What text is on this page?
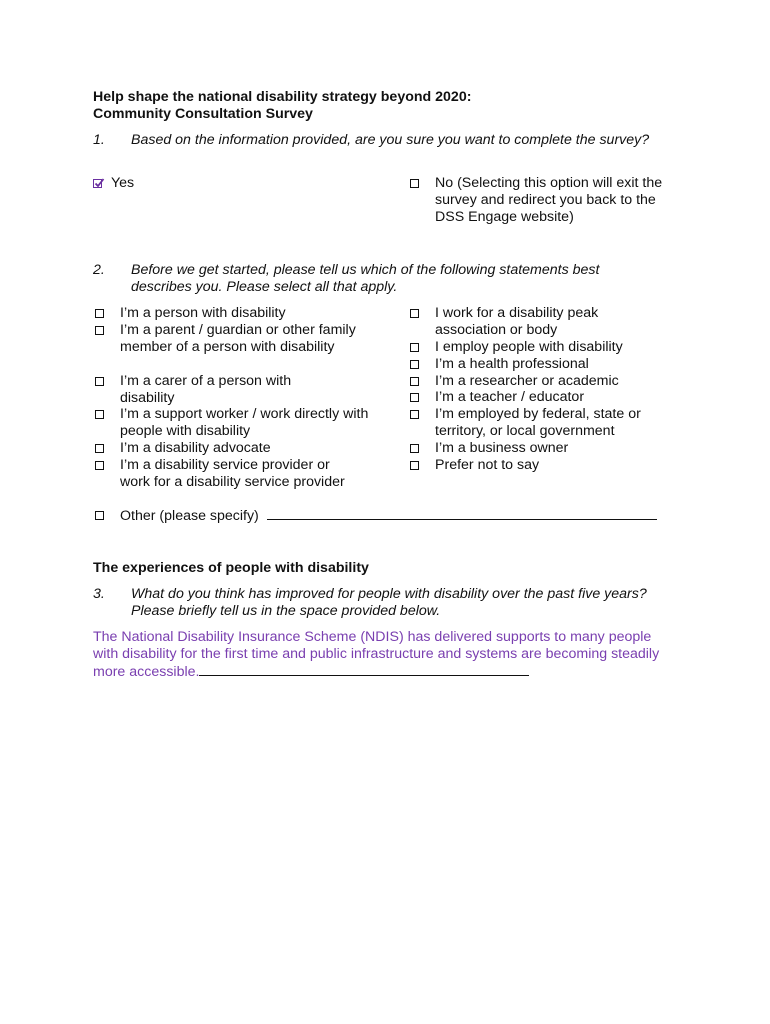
Help shape the national disability strategy beyond 2020:
Community Consultation Survey
1. Based on the information provided, are you sure you want to complete the survey?
Yes	No (Selecting this option will exit the survey and redirect you back to the DSS Engage website)
2. Before we get started, please tell us which of the following statements best describes you. Please select all that apply.
I’m a person with disability
I’m a parent / guardian or other family member of a person with disability
I’m a carer of a person with disability
I’m a support worker / work directly with people with disability
I’m a disability advocate
I’m a disability service provider or work for a disability service provider
Other (please specify)
I work for a disability peak association or body
I employ people with disability
I’m a health professional
I’m a researcher or academic
I’m a teacher / educator
I’m employed by federal, state or territory, or local government
I’m a business owner
Prefer not to say
The experiences of people with disability
3. What do you think has improved for people with disability over the past five years? Please briefly tell us in the space provided below.
The National Disability Insurance Scheme (NDIS) has delivered supports to many people with disability for the first time and public infrastructure and systems are becoming steadily more accessible.
